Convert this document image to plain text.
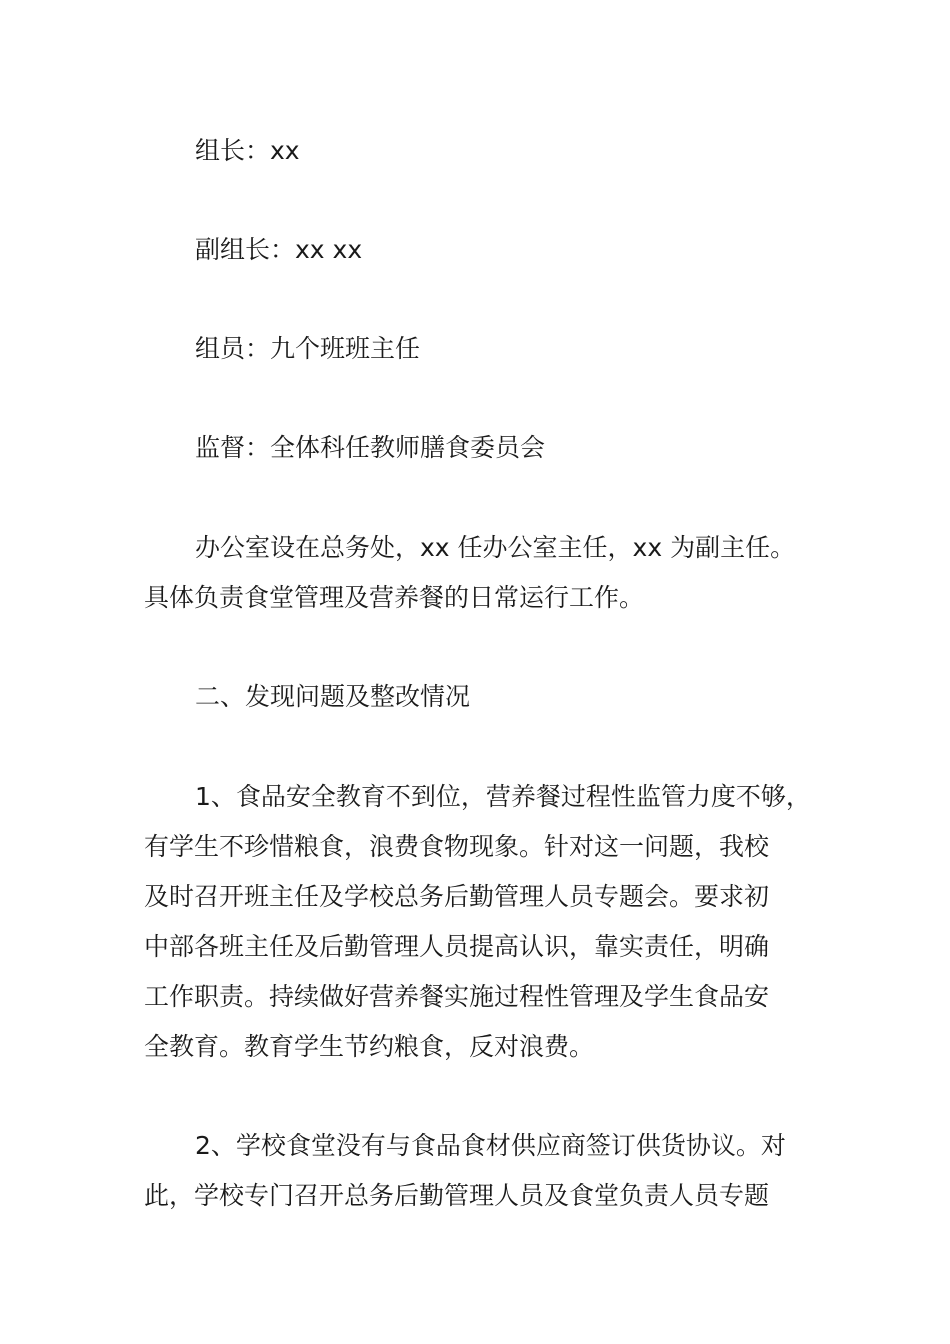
组长：xx
副组长：xx xx
组员：九个班班主任
监督：全体科任教师膳食委员会
办公室设在总务处，xx 任办公室主任，xx 为副主任。
具体负责食堂管理及营养餐的日常运行工作。
二、发现问题及整改情况
1、食品安全教育不到位，营养餐过程性监管力度不够，
有学生不珍惜粮食，浪费食物现象。针对这一问题，我校
及时召开班主任及学校总务后勤管理人员专题会。要求初
中部各班主任及后勤管理人员提高认识，靠实责任，明确
工作职责。持续做好营养餐实施过程性管理及学生食品安
全教育。教育学生节约粮食，反对浪费。
2、学校食堂没有与食品食材供应商签订供货协议。对
此，学校专门召开总务后勤管理人员及食堂负责人员专题
